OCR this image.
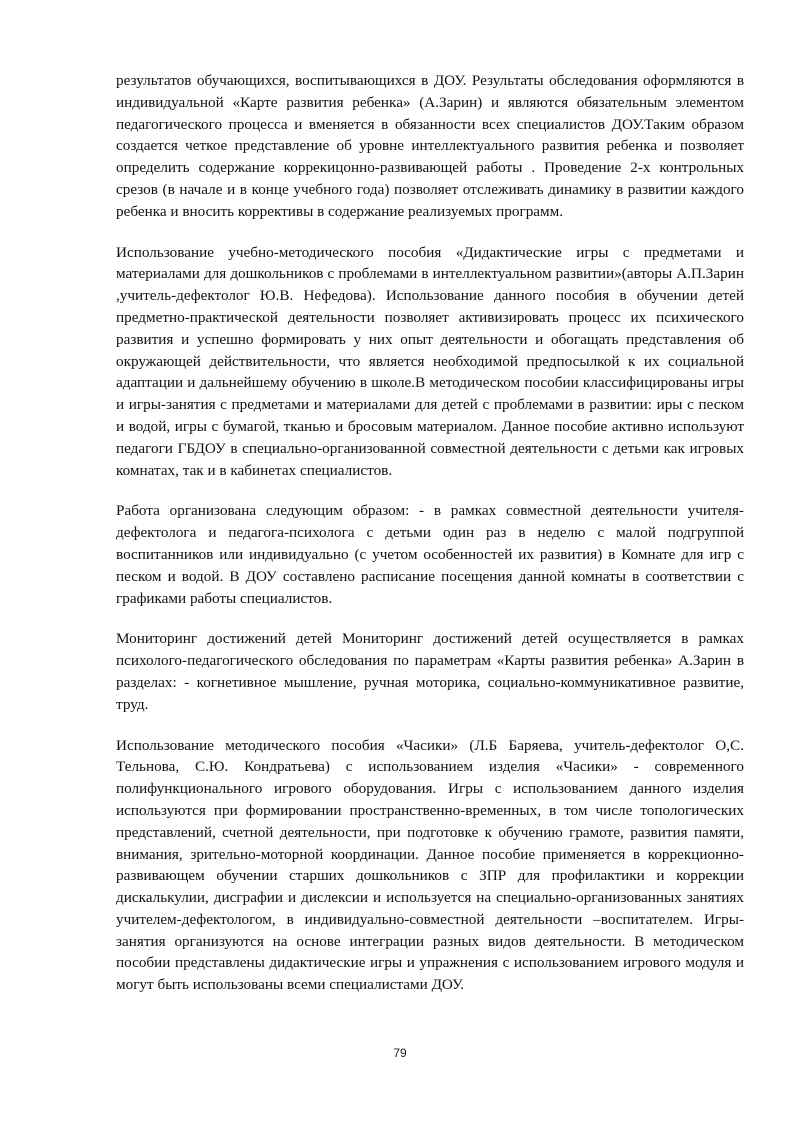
результатов обучающихся, воспитывающихся в ДОУ. Результаты обследования оформляются в индивидуальной «Карте развития ребенка» (А.Зарин) и являются обязательным элементом педагогического процесса и вменяется в обязанности всех специалистов ДОУ.Таким образом создается четкое представление об уровне интеллектуального развития ребенка и позволяет определить содержание коррекицонно-развивающей работы . Проведение 2-х контрольных срезов (в начале и в конце учебного года) позволяет отслеживать динамику в развитии каждого ребенка и вносить коррективы в содержание реализуемых программ.

Использование учебно-методического пособия «Дидактические игры с предметами и материалами для дошкольников с проблемами в интеллектуальном развитии»(авторы А.П.Зарин ,учитель-дефектолог Ю.В. Нефедова). Использование данного пособия в обучении детей предметно-практической деятельности позволяет активизировать процесс их психического развития и успешно формировать у них опыт деятельности и обогащать представления об окружающей действительности, что является необходимой предпосылкой к их социальной адаптации и дальнейшему обучению в школе.В методическом пособии классифицированы игры и игры-занятия с предметами и материалами для детей с проблемами в развитии: иры с песком и водой, игры с бумагой, тканью и бросовым материалом. Данное пособие активно используют педагоги ГБДОУ в специально-организованной совместной деятельности с детьми как игровых комнатах, так и в кабинетах специалистов.

Работа организована следующим образом: - в рамках совместной деятельности учителя-дефектолога и педагога-психолога с детьми один раз в неделю с малой подгруппой воспитанников или индивидуально (с учетом особенностей их развития) в Комнате для игр с песком и водой. В ДОУ составлено расписание посещения данной комнаты в соответствии с графиками работы специалистов.

Мониторинг достижений детей Мониторинг достижений детей осуществляется в рамках психолого-педагогического обследования по параметрам «Карты развития ребенка» А.Зарин в разделах: - когнетивное мышление, ручная моторика, социально-коммуникативное развитие, труд.

Использование методического пособия «Часики» (Л.Б Баряева, учитель-дефектолог О,С. Тельнова, С.Ю. Кондратьева) с использованием изделия «Часики» - современного полифункционального игрового оборудования. Игры с использованием данного изделия используются при формировании пространственно-временных, в том числе топологических представлений, счетной деятельности, при подготовке к обучению грамоте, развития памяти, внимания, зрительно-моторной координации. Данное пособие применяется в коррекционно-развивающем обучении старших дошкольников с ЗПР для профилактики и коррекции дискалькулии, дисграфии и дислексии и используется на специально-организованных занятиях учителем-дефектологом, в индивидуально-совместной деятельности –воспитателем. Игры- занятия организуются на основе интеграции разных видов деятельности. В методическом пособии представлены дидактические игры и упражнения с использованием игрового модуля и могут быть использованы всеми специалистами ДОУ.

79
